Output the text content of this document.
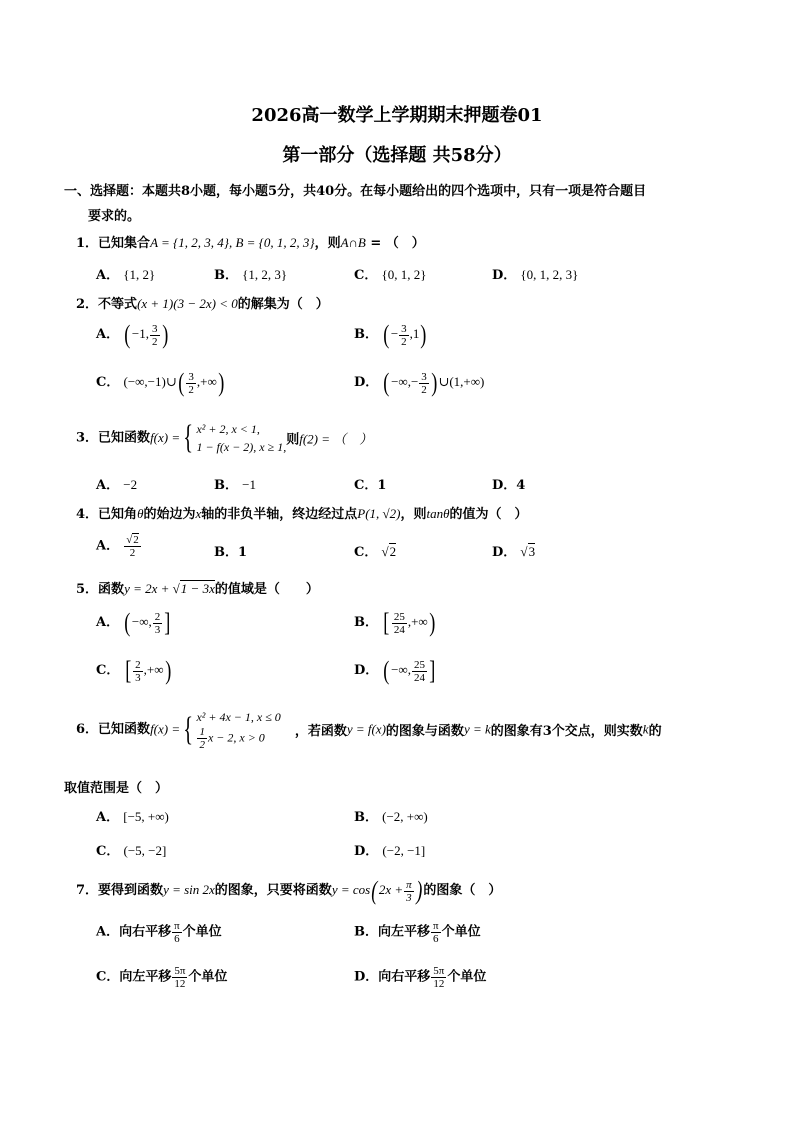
2026高一数学上学期期末押题卷01
第一部分（选择题 共58分）
一、选择题：本题共8小题，每小题5分，共40分。在每小题给出的四个选项中，只有一项是符合题目
要求的。
1．已知集合A = {1, 2, 3, 4}, B = {0, 1, 2, 3}，则A∩B = （　）
A． {1, 2}	B． {1, 2, 3}	C． {0, 1, 2}	D． {0, 1, 2, 3}
2．不等式(x + 1)(3 − 2x) < 0的解集为（　）
A． (−1, $\frac{3}{2}$ )	B． (− $\frac{3}{2} ,1$)
C． (−∞,−1)∪( $\frac{3}{2}$ ,+∞)	D． (−∞,− $\frac{3}{2}$ )∪(1,+∞)
3．已知函数f(x) = { x² + 2, x < 1,
1 − f(x − 2), x ≥ 1, 则f(2) = （　）
A． −2	B． −1	C．1	D．4
4．已知角θ的始边为x轴的非负半轴，终边经过点P(1, √2)，则tanθ的值为（　）
A． $\frac{√2}{2}$	B．1	C． √2	D． √3
5．函数y = 2x + √1 − 3x的值域是（　　）
A． (−∞, $\frac{2}{3}$ ]	B． [ $\frac{25}{24}$ ,+∞)
C． [ $\frac{2}{3}$ ,+∞)	D． (−∞, $\frac{25}{24}$ ]
6．已知函数f(x) = { x² + 4x − 1, x ≤ 0
$\frac{1}{2}$ x − 2, x > 0	，若函数y = f(x)的图象与函数y = k的图象有3个交点，则实数k的
取值范围是（　）
A． [−5, +∞)	B． (−2, +∞)
C． (−5, −2]	D． (−2, −1]
7．要得到函数y = sin 2x的图象，只要将函数$y = \cos(2x + \frac{\pi}{3}$ )的图象（　）
A．向右平移 $\frac{\pi}{6}$ 个单位	B．向左平移 $\frac{\pi}{6}$ 个单位
C．向左平移 $\frac{5\pi}{12}$ 个单位	D．向右平移 $\frac{5\pi}{12}$ 个单位
